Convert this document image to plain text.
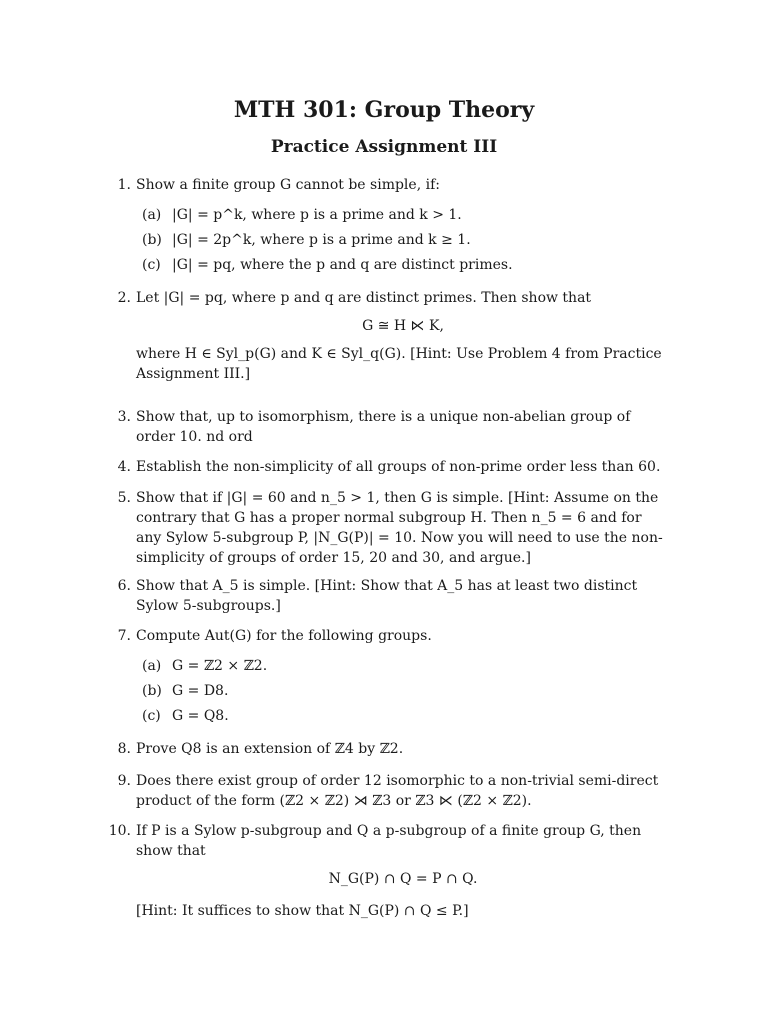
MTH 301: Group Theory
Practice Assignment III
1. Show a finite group G cannot be simple, if:
(a) |G| = p^k, where p is a prime and k > 1.
(b) |G| = 2p^k, where p is a prime and k ≥ 1.
(c) |G| = pq, where the p and q are distinct primes.
2. Let |G| = pq, where p and q are distinct primes. Then show that
G ≅ H ⋉ K,
where H ∈ Syl_p(G) and K ∈ Syl_q(G). [Hint: Use Problem 4 from Practice Assignment III.]
3. Show that, up to isomorphism, there is a unique non-abelian group of order 10. nd ord
4. Establish the non-simplicity of all groups of non-prime order less than 60.
5. Show that if |G| = 60 and n_5 > 1, then G is simple. [Hint: Assume on the contrary that G has a proper normal subgroup H. Then n_5 = 6 and for any Sylow 5-subgroup P, |N_G(P)| = 10. Now you will need to use the non-simplicity of groups of order 15, 20 and 30, and argue.]
6. Show that A_5 is simple. [Hint: Show that A_5 has at least two distinct Sylow 5-subgroups.]
7. Compute Aut(G) for the following groups.
(a) G = ℤ2 × ℤ2.
(b) G = D8.
(c) G = Q8.
8. Prove Q8 is an extension of ℤ4 by ℤ2.
9. Does there exist group of order 12 isomorphic to a non-trivial semi-direct product of the form (ℤ2 × ℤ2) ⋊ ℤ3 or ℤ3 ⋉ (ℤ2 × ℤ2).
10. If P is a Sylow p-subgroup and Q a p-subgroup of a finite group G, then show that
N_G(P) ∩ Q = P ∩ Q.
[Hint: It suffices to show that N_G(P) ∩ Q ≤ P.]
